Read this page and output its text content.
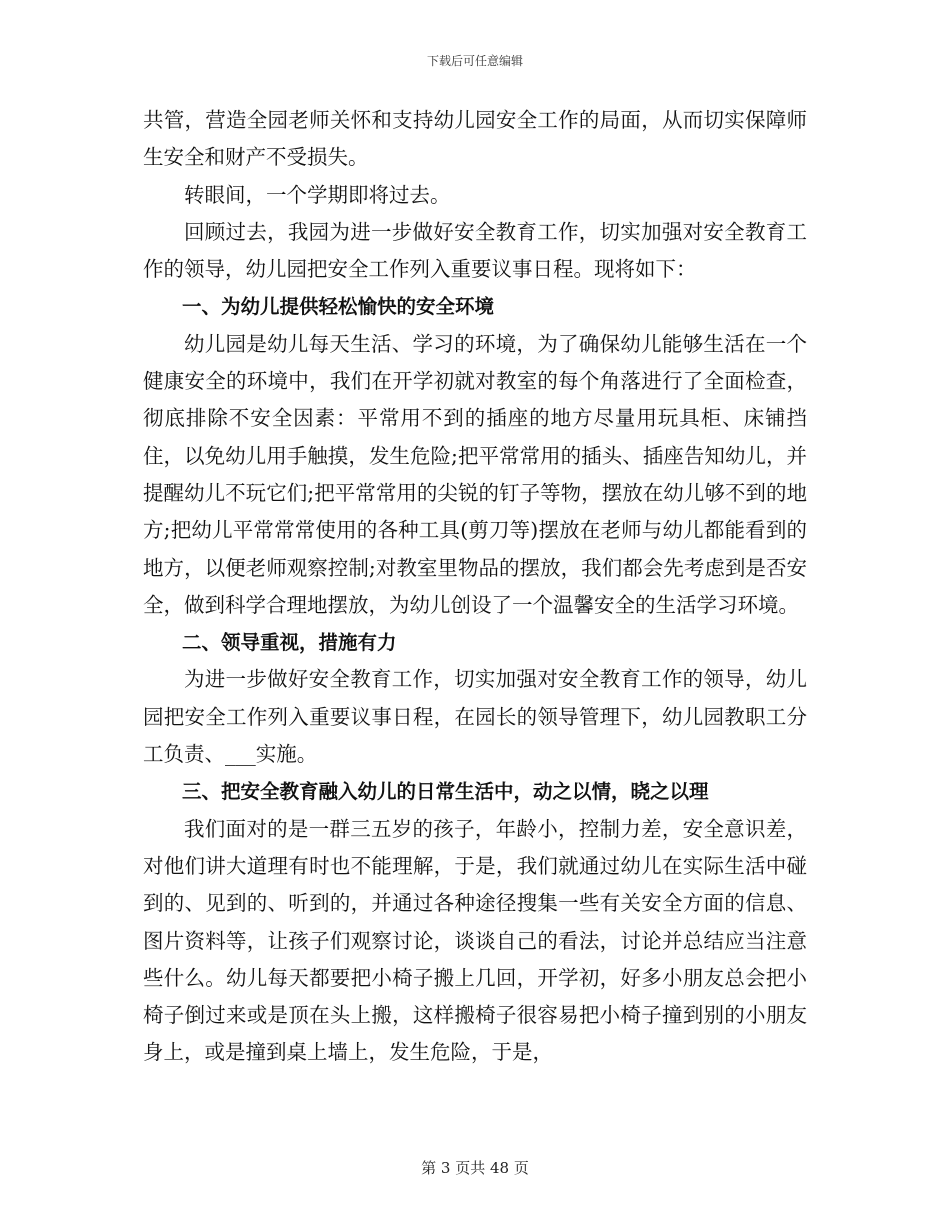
下载后可任意编辑

共管，营造全园老师关怀和支持幼儿园安全工作的局面，从而切实保障师生安全和财产不受损失。

转眼间，一个学期即将过去。

回顾过去，我园为进一步做好安全教育工作，切实加强对安全教育工作的领导，幼儿园把安全工作列入重要议事日程。现将如下：

一、为幼儿提供轻松愉快的安全环境

幼儿园是幼儿每天生活、学习的环境，为了确保幼儿能够生活在一个健康安全的环境中，我们在开学初就对教室的每个角落进行了全面检查，彻底排除不安全因素：平常用不到的插座的地方尽量用玩具柜、床铺挡住，以免幼儿用手触摸，发生危险;把平常常用的插头、插座告知幼儿，并提醒幼儿不玩它们;把平常常用的尖锐的钉子等物，摆放在幼儿够不到的地方;把幼儿平常常常使用的各种工具(剪刀等)摆放在老师与幼儿都能看到的地方，以便老师观察控制;对教室里物品的摆放，我们都会先考虑到是否安全，做到科学合理地摆放，为幼儿创设了一个温馨安全的生活学习环境。

二、领导重视，措施有力

为进一步做好安全教育工作，切实加强对安全教育工作的领导，幼儿园把安全工作列入重要议事日程，在园长的领导管理下，幼儿园教职工分工负责、___实施。

三、把安全教育融入幼儿的日常生活中，动之以情，晓之以理

我们面对的是一群三五岁的孩子，年龄小，控制力差，安全意识差，对他们讲大道理有时也不能理解，于是，我们就通过幼儿在实际生活中碰到的、见到的、听到的，并通过各种途径搜集一些有关安全方面的信息、图片资料等，让孩子们观察讨论，谈谈自己的看法，讨论并总结应当注意些什么。幼儿每天都要把小椅子搬上几回，开学初，好多小朋友总会把小椅子倒过来或是顶在头上搬，这样搬椅子很容易把小椅子撞到别的小朋友身上，或是撞到桌上墙上，发生危险，于是，

第 3 页共 48 页
